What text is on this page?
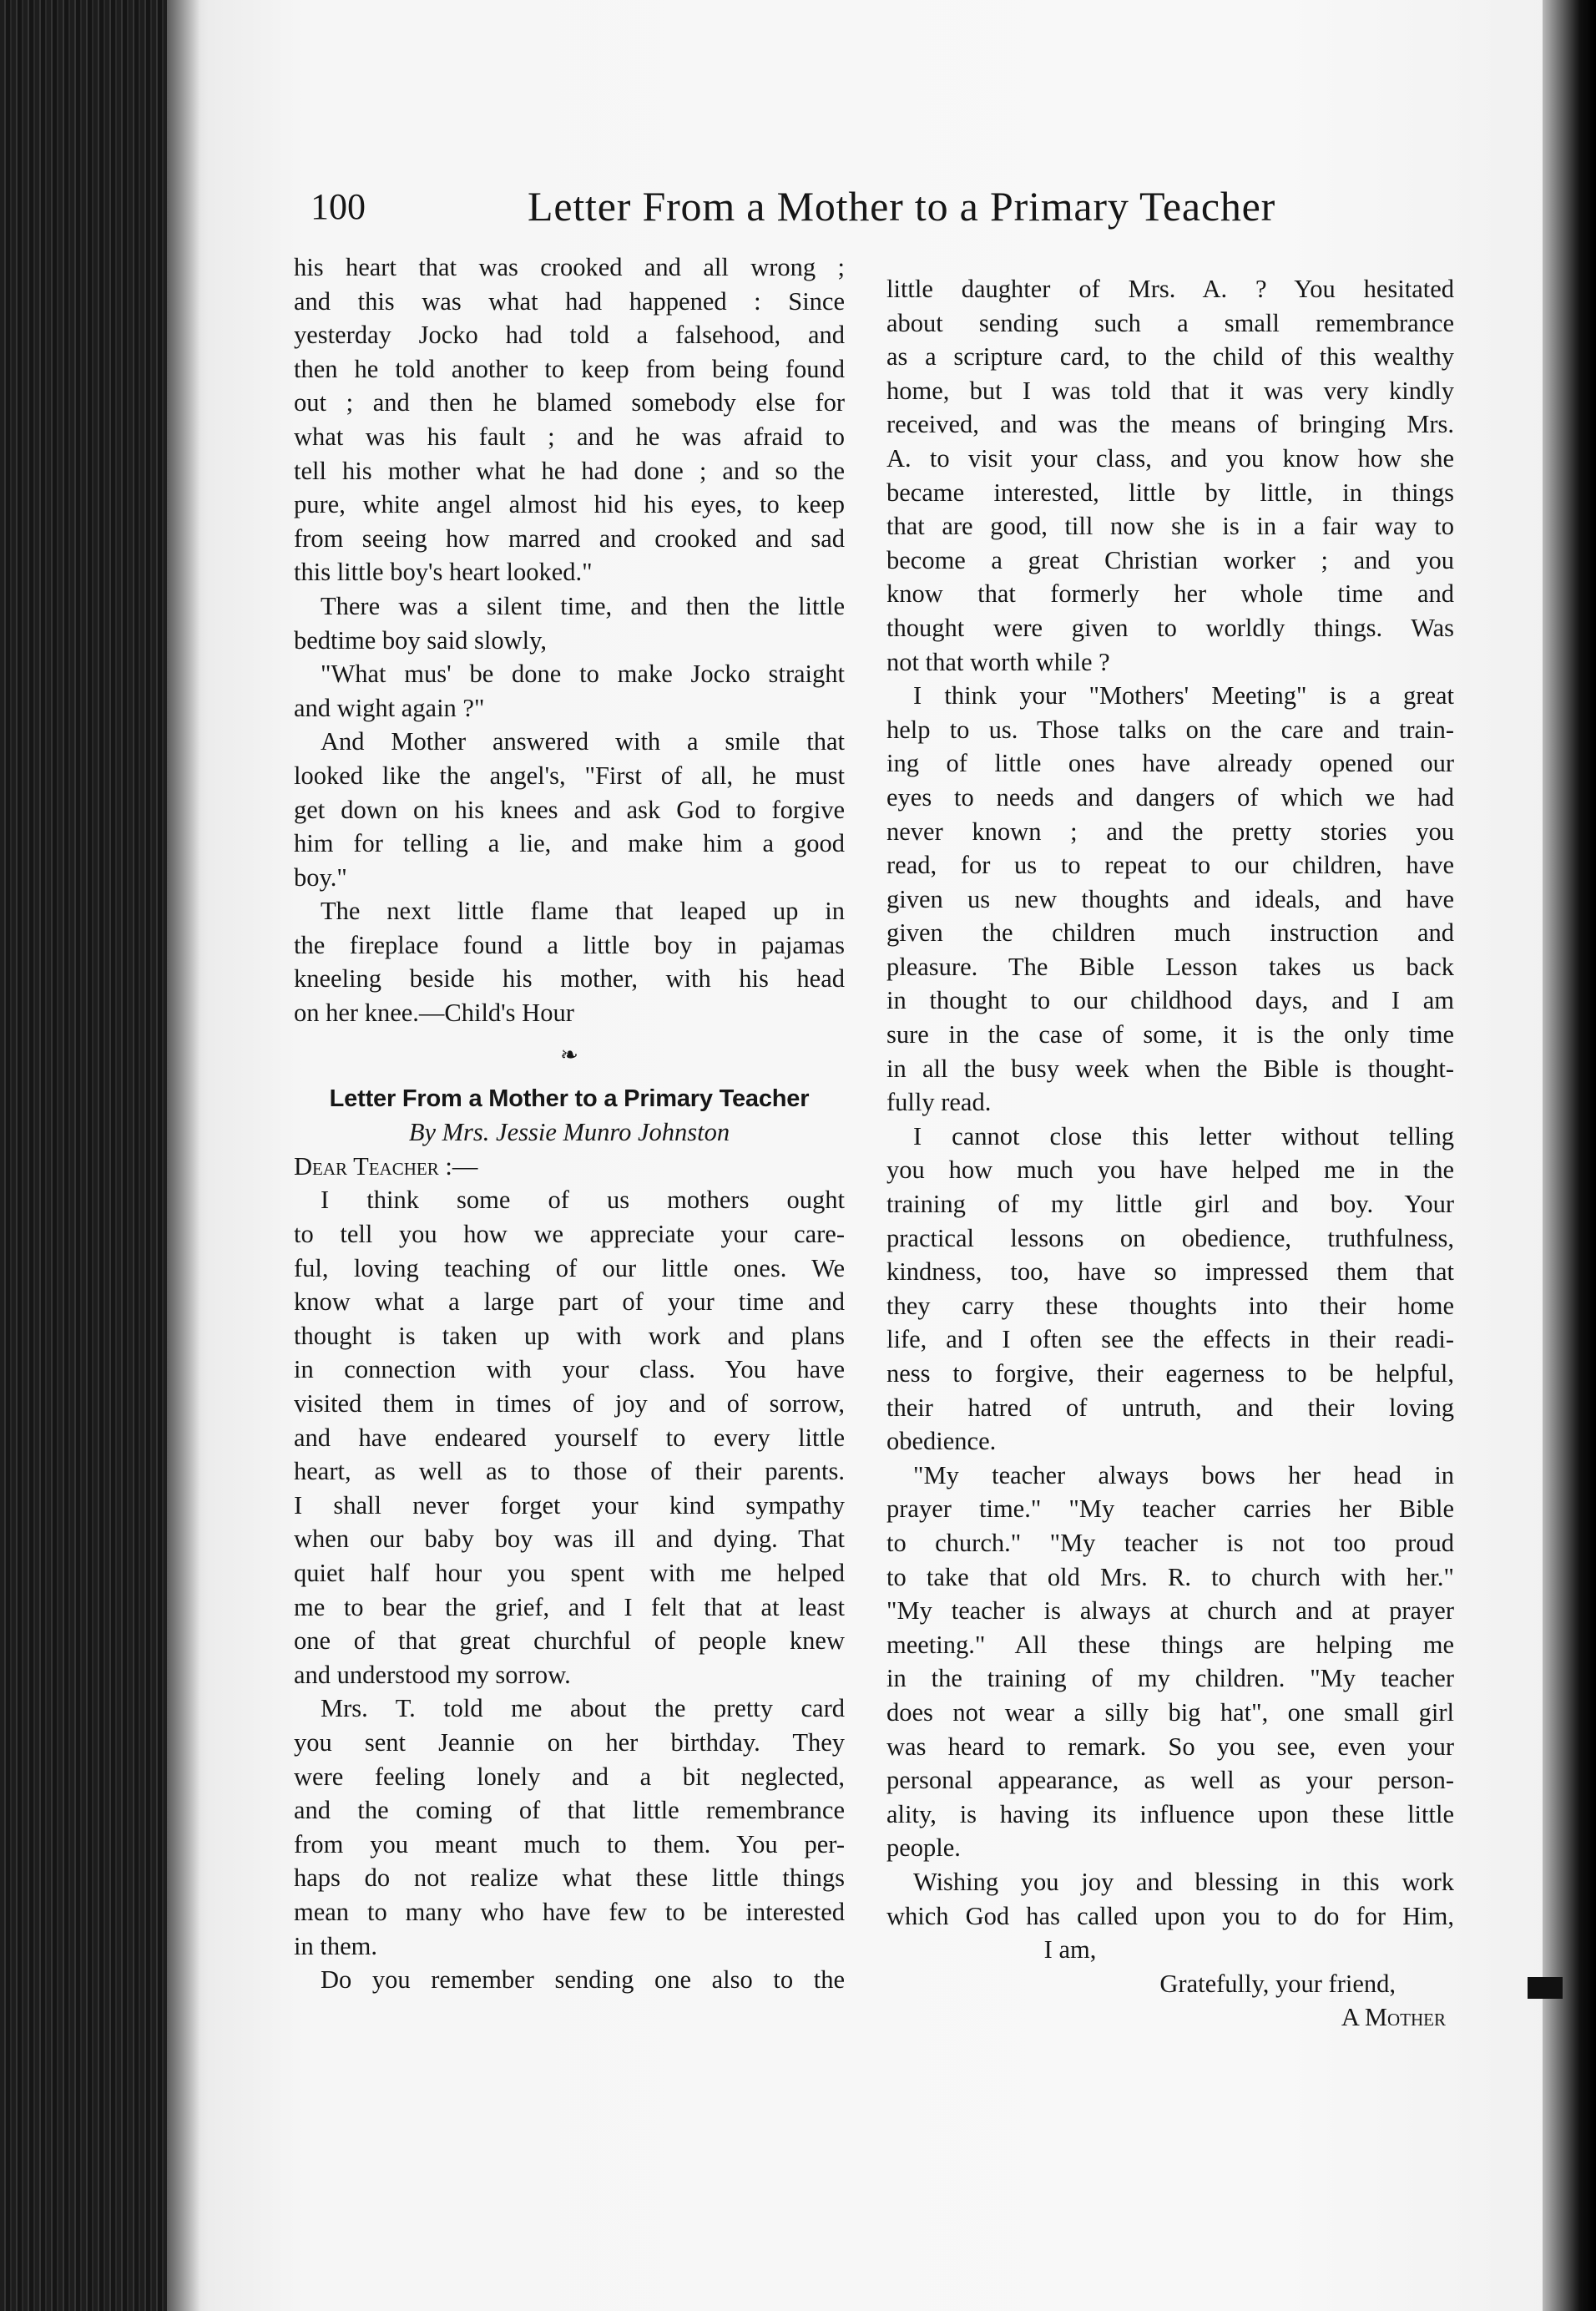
100	Letter From a Mother to a Primary Teacher
his heart that was crooked and all wrong ;
and this was what had happened : Since
yesterday Jocko had told a falsehood, and
then he told another to keep from being found
out ; and then he blamed somebody else for
what was his fault ; and he was afraid to
tell his mother what he had done ; and so the
pure, white angel almost hid his eyes, to keep
from seeing how marred and crooked and sad
this little boy's heart looked."
There was a silent time, and then the little
bedtime boy said slowly,
"What mus' be done to make Jocko straight
and wight again ?"
And Mother answered with a smile that
looked like the angel's, "First of all, he must
get down on his knees and ask God to forgive
him for telling a lie, and make him a good
boy."
The next little flame that leaped up in
the fireplace found a little boy in pajamas
kneeling beside his mother, with his head
on her knee.—Child's Hour
❧
Letter From a Mother to a Primary Teacher
By Mrs. Jessie Munro Johnston
Dear Teacher :—
I think some of us mothers ought
to tell you how we appreciate your care-
ful, loving teaching of our little ones. We
know what a large part of your time and
thought is taken up with work and plans
in connection with your class. You have
visited them in times of joy and of sorrow,
and have endeared yourself to every little
heart, as well as to those of their parents.
I shall never forget your kind sympathy
when our baby boy was ill and dying. That
quiet half hour you spent with me helped
me to bear the grief, and I felt that at least
one of that great churchful of people knew
and understood my sorrow.
Mrs. T. told me about the pretty card
you sent Jeannie on her birthday. They
were feeling lonely and a bit neglected,
and the coming of that little remembrance
from you meant much to them. You per-
haps do not realize what these little things
mean to many who have few to be interested
in them.
Do you remember sending one also to the
little daughter of Mrs. A. ? You hesitated
about sending such a small remembrance
as a scripture card, to the child of this wealthy
home, but I was told that it was very kindly
received, and was the means of bringing Mrs.
A. to visit your class, and you know how she
became interested, little by little, in things
that are good, till now she is in a fair way to
become a great Christian worker ; and you
know that formerly her whole time and
thought were given to worldly things. Was
not that worth while ?
I think your "Mothers' Meeting" is a great
help to us. Those talks on the care and train-
ing of little ones have already opened our
eyes to needs and dangers of which we had
never known ; and the pretty stories you
read, for us to repeat to our children, have
given us new thoughts and ideals, and have
given the children much instruction and
pleasure. The Bible Lesson takes us back
in thought to our childhood days, and I am
sure in the case of some, it is the only time
in all the busy week when the Bible is thought-
fully read.
I cannot close this letter without telling
you how much you have helped me in the
training of my little girl and boy. Your
practical lessons on obedience, truthfulness,
kindness, too, have so impressed them that
they carry these thoughts into their home
life, and I often see the effects in their readi-
ness to forgive, their eagerness to be helpful,
their hatred of untruth, and their loving
obedience.
"My teacher always bows her head in
prayer time." "My teacher carries her Bible
to church." "My teacher is not too proud
to take that old Mrs. R. to church with her."
"My teacher is always at church and at prayer
meeting." All these things are helping me
in the training of my children. "My teacher
does not wear a silly big hat", one small girl
was heard to remark. So you see, even your
personal appearance, as well as your person-
ality, is having its influence upon these little
people.
Wishing you joy and blessing in this work
which God has called upon you to do for Him,
I am,
Gratefully, your friend,
A Mother
